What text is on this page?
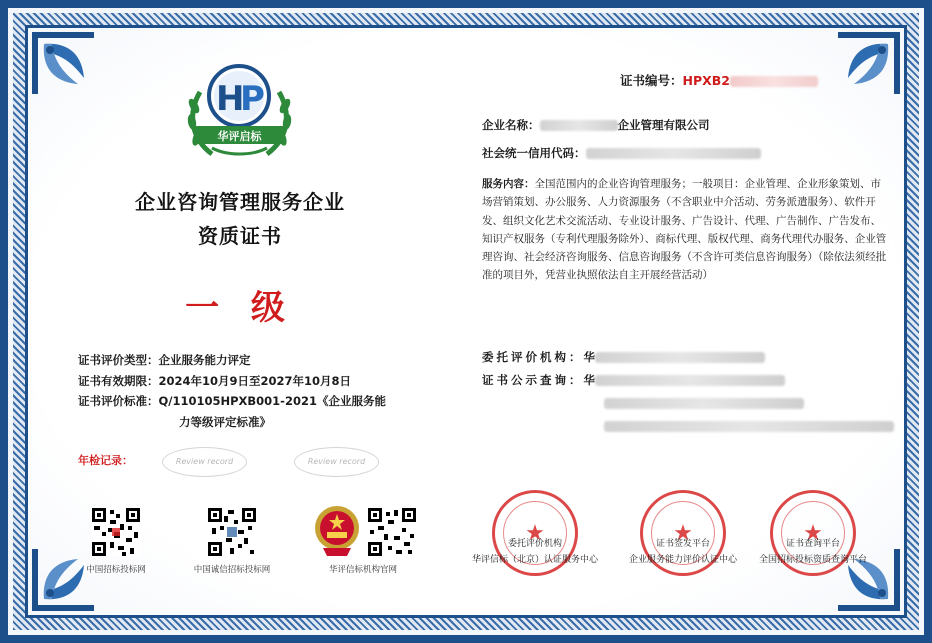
H
P
华评启标
企业咨询管理服务企业
资质证书
一 级
证书编号：HPXB2
企业名称：	企业管理有限公司
社会统一信用代码：
服务内容：全国范围内的企业咨询管理服务；一般项目：企业管理、企业形象策划、市场营销策划、办公服务、人力资源服务（不含职业中介活动、劳务派遣服务）、软件开发、组织文化艺术交流活动、专业设计服务、广告设计、代理、广告制作、广告发布、知识产权服务（专利代理服务除外）、商标代理、版权代理、商务代理代办服务、企业管理咨询、社会经济咨询服务、信息咨询服务（不含许可类信息咨询服务）（除依法须经批准的项目外，凭营业执照依法自主开展经营活动）
证书评价类型：企业服务能力评定
证书有效期限：2024年10月9日至2027年10月8日
证书评价标准：Q/110105HPXB001-2021《企业服务能
力等级评定标准》
委托评价机构：华
证书公示查询：华
年检记录：	Review record	Review record
中国招标投标网	中国诚信招标投标网	华评信标机构官网
★
委托评价机构
华评信标（北京）认证服务中心
★
证书签发平台
企业服务能力评价认证中心
★
证书查询平台
全国招标投标资质查询平台
